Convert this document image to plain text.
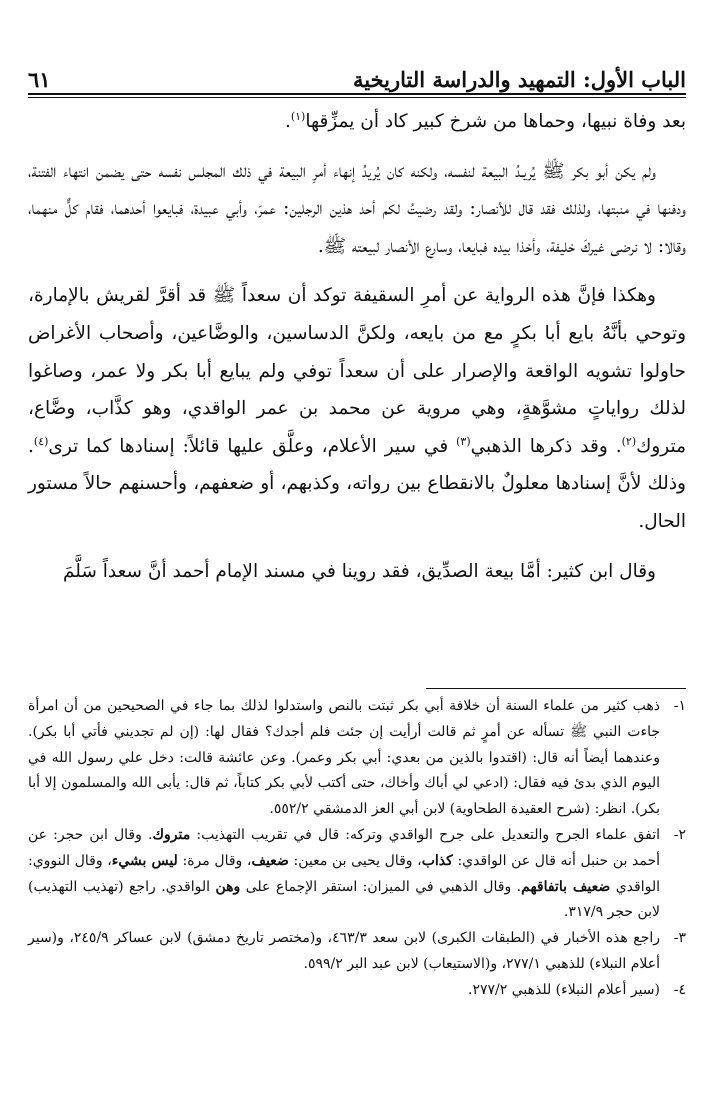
الباب الأول: التمهيد والدراسة التاريخية
٦١

بعد وفاة نبيها، وحماها من شرخ كبير كاد أن يمزِّقها$^{(١)}$.

ولم يكن أبو بكر ﷺ يُريـدُ البيعة لنفسه، ولكنه كان يُريدُ إنهاء أمرِ البيعة في ذلك المجلس نفسه حتى يضمن انتهاء الفتنة، ودفنها في منبتها، ولذلك فقد قال للأنصار: ولقد رضيتُ لكم أحد هذين الرجلين: عمرَ، وأبي عبيدة، فبايعوا أحدهما، فقام كلٌّ منهما، وقالا: لا نرضى غيركَ خليفة، وأخذا بيده فبايعا، وسارع الأنصار لبيعته ﷺ.

وهكذا فإنَّ هذه الرواية عن أمرِ السقيفة توكد أن سعداً ﷺ قد أقرَّ لقريش بالإمارة، وتوحي بأنَّهُ بايع أبا بكرٍ مع من بايعه، ولكنَّ الدساسين، والوضَّاعين، وأصحاب الأغراض حاولوا تشويه الواقعة والإصرار على أن سعداً توفي ولم يبايع أبا بكر ولا عمر، وصاغوا لذلك رواياتٍ مشوَّهةٍ، وهي مروية عن محمد بن عمر الواقدي، وهو كذَّاب، وضَّاع، متروك$^{(٢)}$. وقد ذكرها الذهبي$^{(٣)}$ في سير الأعلام، وعلَّق عليها قائلاً: إسنادها كما ترى$^{(٤)}$. وذلك لأنَّ إسنادها معلولٌ بالانقطاع بين رواته، وكذبهم، أو ضعفهم، وأحسنهم حالاً مستور الحال.

وقال ابن كثير: أمَّا بيعة الصدِّيق، فقد روينا في مسند الإمام أحمد أنَّ سعداً سَلَّمَ

١-
ذهب كثير من علماء السنة أن خلافة أبي بكر ثبتت بالنص واستدلوا لذلك بما جاء في الصحيحين من أن امرأة جاءت النبي ﷺ تسأله عن أمرٍ ثم قالت أرأيت إن جئت فلم أجدك؟ فقال لها: (إن لم تجديني فأتي أبا بكر). وعندهما أيضاً أنه قال: (اقتدوا بالذين من بعدي: أبي بكر وعمر). وعن عائشة قالت: دخل علي رسول الله في اليوم الذي بدئ فيه فقال: (ادعي لي أباك وأخاك، حتى أكتب لأبي بكر كتاباً، ثم قال: يأبى الله والمسلمون إلا أبا بكر). انظر: (شرح العقيدة الطحاوية) لابن أبي العز الدمشقي ٥٥٢/٢.
٢-
اتفق علماء الجرح والتعديل على جرح الواقدي وتركه: قال في تقريب التهذيب: متروك. وقال ابن حجر: عن أحمد بن حنبل أنه قال عن الواقدي: كذاب، وقال يحيى بن معين: ضعيف، وقال مرة: ليس بشيء، وقال النووي: الواقدي ضعيف باتفاقهم. وقال الذهبي في الميزان: استقر الإجماع على وهن الواقدي. راجع (تهذيب التهذيب) لابن حجر ٣١٧/٩.
٣-
راجع هذه الأخبار في (الطبقات الكبرى) لابن سعد ٤٦٣/٣، و(مختصر تاريخ دمشق) لابن عساكر ٢٤٥/٩، و(سير أعلام النبلاء) للذهبي ٢٧٧/١، و(الاستيعاب) لابن عبد البر ٥٩٩/٢.
٤-
(سير أعلام النبلاء) للذهبي ٢٧٧/٢.
